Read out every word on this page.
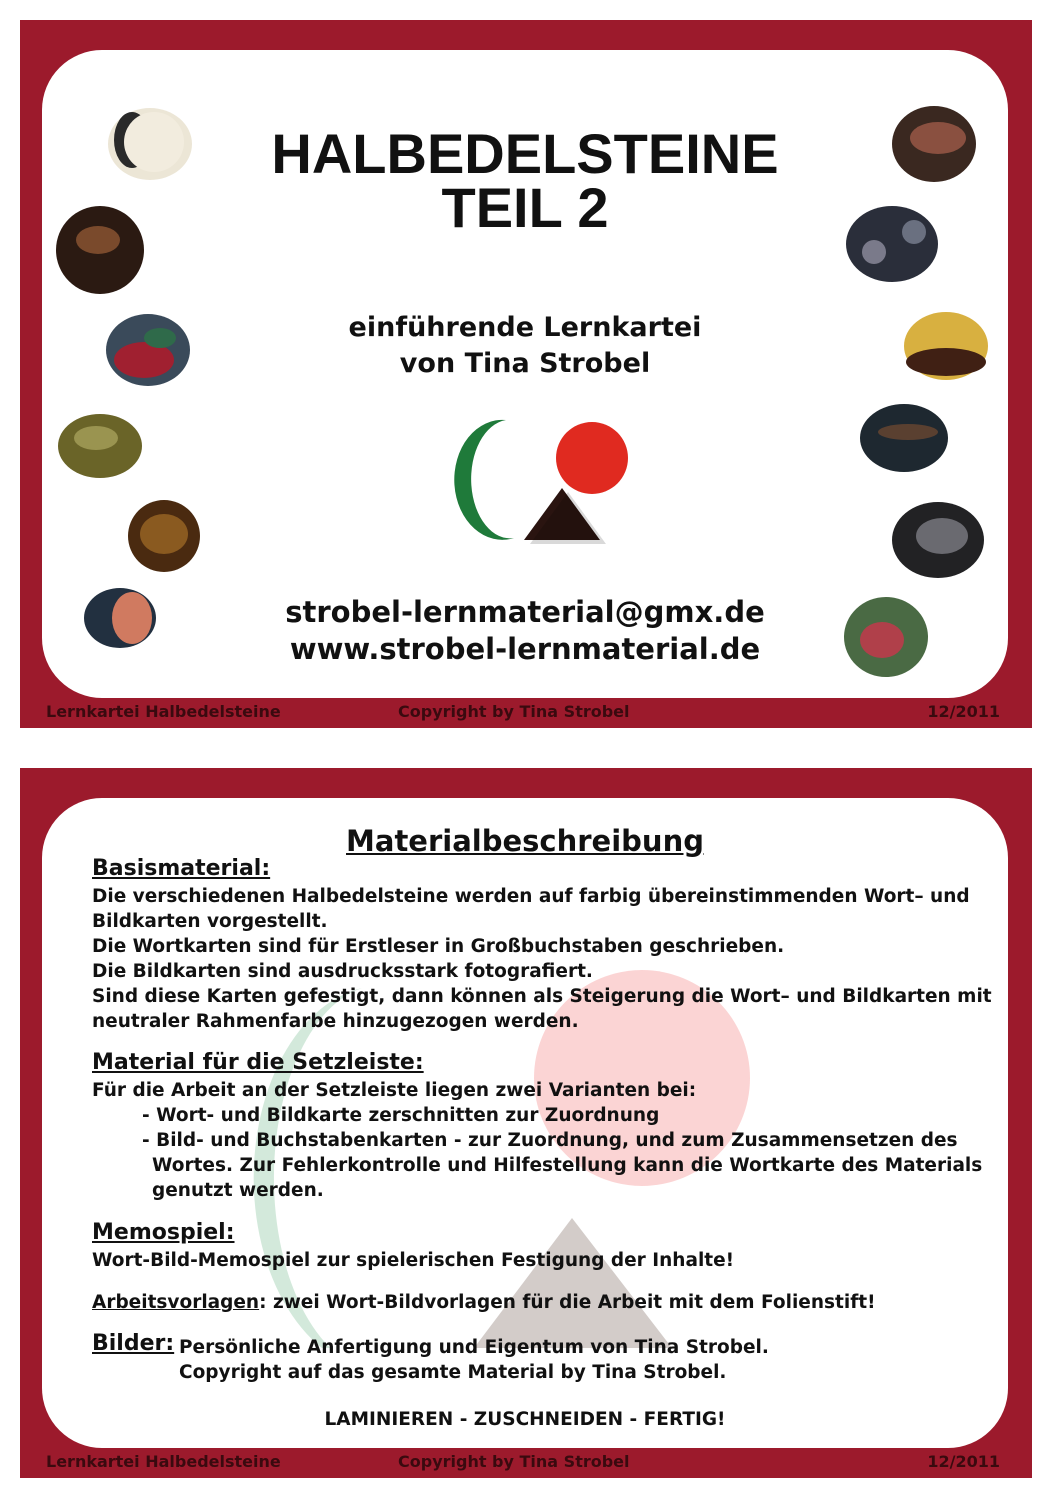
HALBEDELSTEINE
TEIL 2
einführende Lernkartei
von Tina Strobel
strobel-lernmaterial@gmx.de
www.strobel-lernmaterial.de
Lernkartei Halbedelsteine	Copyright by Tina Strobel	12/2011
Materialbeschreibung
Basismaterial:
Die verschiedenen Halbedelsteine werden auf farbig übereinstimmenden Wort– und
Bildkarten vorgestellt.
Die Wortkarten sind für Erstleser in Großbuchstaben geschrieben.
Die Bildkarten sind ausdrucksstark fotografiert.
Sind diese Karten gefestigt, dann können als Steigerung die Wort– und Bildkarten mit
neutraler Rahmenfarbe hinzugezogen werden.
Material für die Setzleiste:
Für die Arbeit an der Setzleiste liegen zwei Varianten bei:
- Wort- und Bildkarte zerschnitten zur Zuordnung
- Bild- und Buchstabenkarten - zur Zuordnung, und zum Zusammensetzen des
Wortes. Zur Fehlerkontrolle und Hilfestellung kann die Wortkarte des Materials
genutzt werden.
Memospiel:
Wort-Bild-Memospiel zur spielerischen Festigung der Inhalte!
Arbeitsvorlagen: zwei Wort-Bildvorlagen für die Arbeit mit dem Folienstift!
Bilder: Persönliche Anfertigung und Eigentum von Tina Strobel.
Copyright auf das gesamte Material by Tina Strobel.
LAMINIEREN - ZUSCHNEIDEN - FERTIG!
Lernkartei Halbedelsteine	Copyright by Tina Strobel	12/2011
